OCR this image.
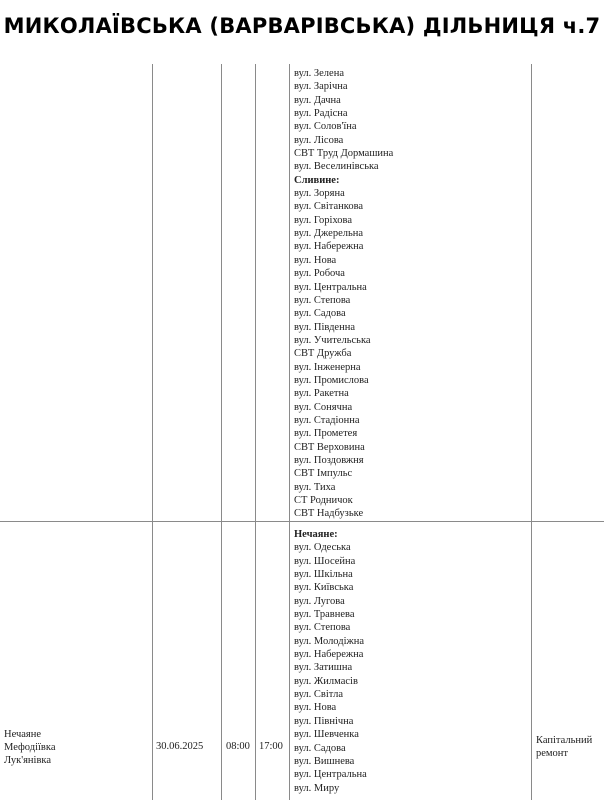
МИКОЛАЇВСЬКА (ВАРВАРІВСЬКА) ДІЛЬНИЦЯ ч.7
вул. Зелена
вул. Зарічна
вул. Дачна
вул. Радісна
вул. Солов'їна
вул. Лісова
СВТ Труд Дормашина
вул. Веселинівська
Сливине:
вул. Зоряна
вул. Світанкова
вул. Горіхова
вул. Джерельна
вул. Набережна
вул. Нова
вул. Робоча
вул. Центральна
вул. Степова
вул. Садова
вул. Південна
вул. Учительська
СВТ Дружба
вул. Інженерна
вул. Промислова
вул. Ракетна
вул. Сонячна
вул. Стадіонна
вул. Прометея
СВТ Верховина
вул. Поздовжня
СВТ Імпульс
вул. Тиха
СТ Родничок
СВТ Надбузьке
Нечаяне:
вул. Одеська
вул. Шосейна
вул. Шкільна
вул. Київська
вул. Лугова
вул. Травнева
вул. Степова
вул. Молодіжна
вул. Набережна
вул. Затишна
вул. Жилмасів
вул. Світла
вул. Нова
вул. Північна
вул. Шевченка
вул. Садова
вул. Вишнева
вул. Центральна
вул. Миру
Нечаяне
Мефодіївка
Лук'янівка
30.06.2025 08:00 17:00
Капітальний
ремонт
